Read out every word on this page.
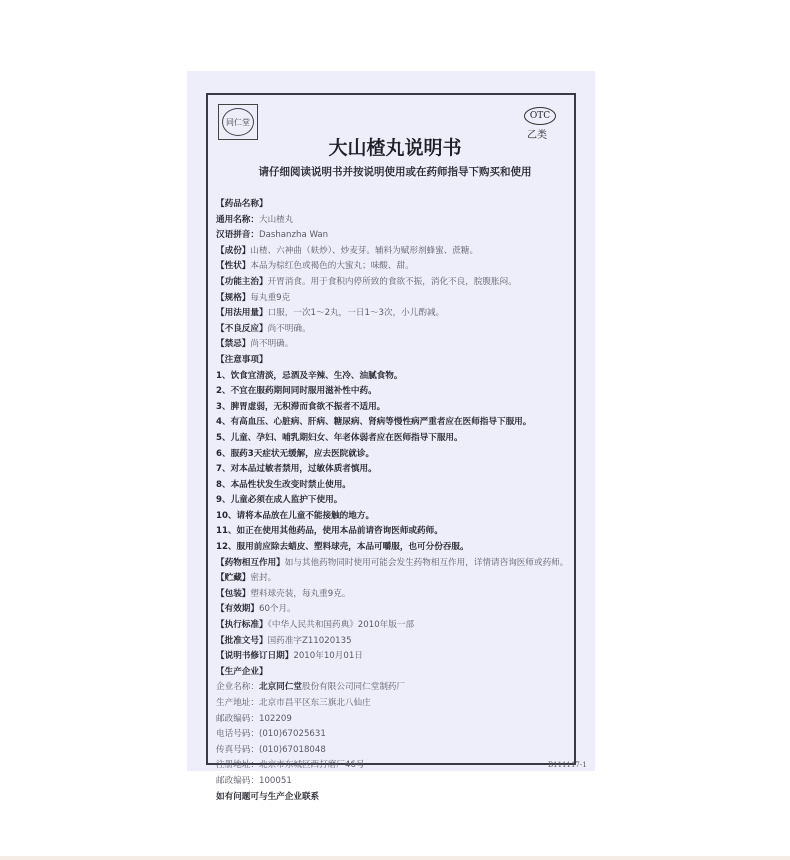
同仁堂
OTC
乙类
大山楂丸说明书
请仔细阅读说明书并按说明使用或在药师指导下购买和使用
【药品名称】
通用名称：大山楂丸
汉语拼音：Dashanzha Wan
【成份】山楂、六神曲（麸炒）、炒麦芽。辅料为赋形剂蜂蜜、蔗糖。
【性状】本品为棕红色或褐色的大蜜丸；味酸、甜。
【功能主治】开胃消食。用于食积内停所致的食欲不振，消化不良，脘腹胀闷。
【规格】每丸重9克
【用法用量】口服，一次1～2丸，一日1～3次，小儿酌减。
【不良反应】尚不明确。
【禁忌】尚不明确。
【注意事项】
1、饮食宜清淡，忌酒及辛辣、生冷、油腻食物。
2、不宜在服药期间同时服用滋补性中药。
3、脾胃虚弱，无积滞而食欲不振者不适用。
4、有高血压、心脏病、肝病、糖尿病、肾病等慢性病严重者应在医师指导下服用。
5、儿童、孕妇、哺乳期妇女、年老体弱者应在医师指导下服用。
6、服药3天症状无缓解，应去医院就诊。
7、对本品过敏者禁用，过敏体质者慎用。
8、本品性状发生改变时禁止使用。
9、儿童必须在成人监护下使用。
10、请将本品放在儿童不能接触的地方。
11、如正在使用其他药品，使用本品前请咨询医师或药师。
12、服用前应除去蜡皮、塑料球壳，本品可嚼服，也可分份吞服。
【药物相互作用】如与其他药物同时使用可能会发生药物相互作用，详情请咨询医师或药师。
【贮藏】密封。
【包装】塑料球壳装，每丸重9克。
【有效期】60个月。
【执行标准】《中华人民共和国药典》2010年版一部
【批准文号】国药准字Z11020135
【说明书修订日期】2010年10月01日
【生产企业】
企业名称：北京同仁堂股份有限公司同仁堂制药厂
生产地址：北京市昌平区东三旗北八仙庄
邮政编码：102209
电话号码：(010)67025631
传真号码：(010)67018048
注册地址：北京市东城区西打磨厂46号
邮政编码：100051
如有问题可与生产企业联系
B111117-1
